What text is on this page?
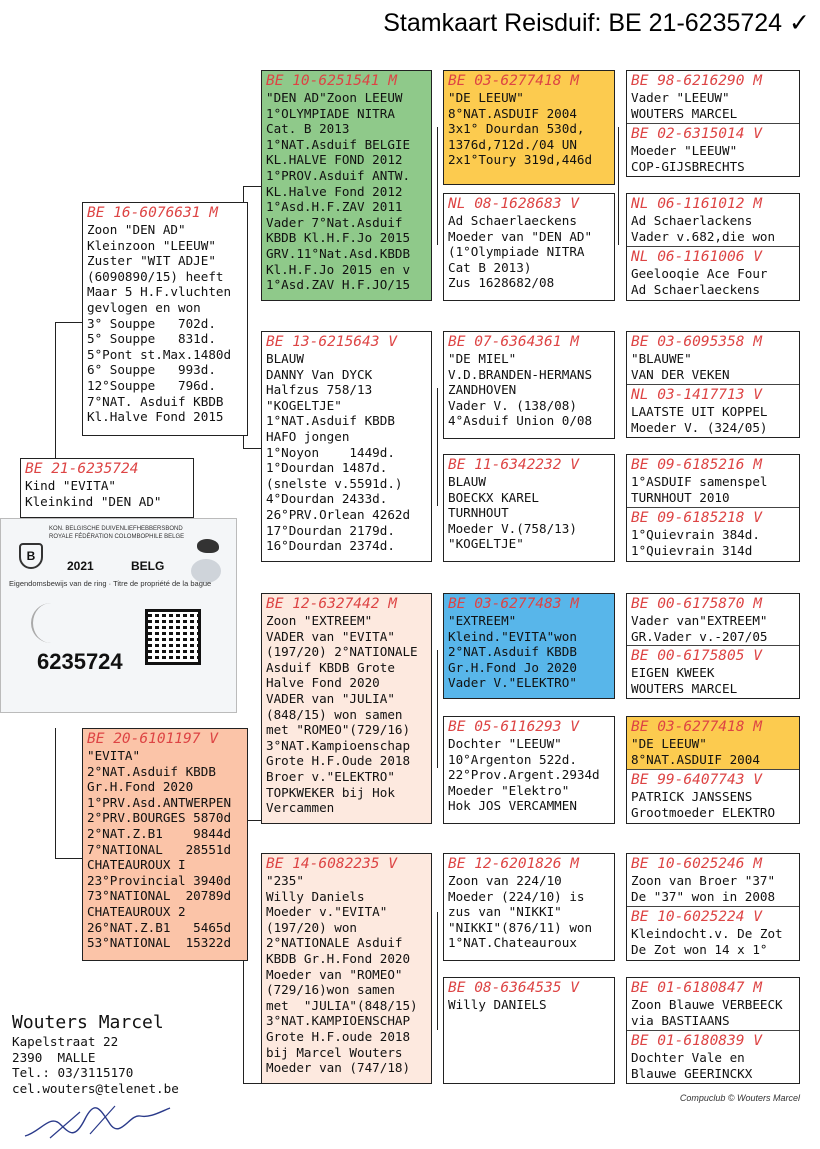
Stamkaart Reisduif: BE 21-6235724 ✓
BE 21-6235724
Kind "EVITA"
Kleinkind "DEN AD"
B
KON. BELGISCHE DUIVENLIEFHEBBERSBOND
ROYALE FÉDÉRATION COLOMBOPHILE BELGE
2021	BELG
Eigendomsbewijs van de ring · Titre de propriété de la bague
6235724
BE 16-6076631 M
Zoon "DEN AD"
Kleinzoon "LEEUW"
Zuster "WIT ADJE"
(6090890/15) heeft
Maar 5 H.F.vluchten
gevlogen en won
3° Souppe   702d.
5° Souppe   831d.
5°Pont st.Max.1480d
6° Souppe   993d.
12°Souppe   796d.
7°NAT. Asduif KBDB
Kl.Halve Fond 2015
BE 20-6101197 V
"EVITA"
2°NAT.Asduif KBDB
Gr.H.Fond 2020
1°PRV.Asd.ANTWERPEN
2°PRV.BOURGES 5870d
2°NAT.Z.B1    9844d
7°NATIONAL   28551d
CHATEAUROUX I
23°Provincial 3940d
73°NATIONAL  20789d
CHATEAUROUX 2
26°NAT.Z.B1   5465d
53°NATIONAL  15322d
BE 10-6251541 M
"DEN AD"Zoon LEEUW
1°OLYMPIADE NITRA
Cat. B 2013
1°NAT.Asduif BELGIE
KL.HALVE FOND 2012
1°PROV.Asduif ANTW.
KL.Halve Fond 2012
1°Asd.H.F.ZAV 2011
Vader 7°Nat.Asduif
KBDB Kl.H.F.Jo 2015
GRV.11°Nat.Asd.KBDB
Kl.H.F.Jo 2015 en v
1°Asd.ZAV H.F.JO/15
BE 13-6215643 V
BLAUW
DANNY Van DYCK
Halfzus 758/13
"KOGELTJE"
1°NAT.Asduif KBDB
HAFO jongen
1°Noyon    1449d.
1°Dourdan 1487d.
(snelste v.5591d.)
4°Dourdan 2433d.
26°PRV.Orlean 4262d
17°Dourdan 2179d.
16°Dourdan 2374d.
BE 12-6327442 M
Zoon "EXTREEM"
VADER van "EVITA"
(197/20) 2°NATIONALE
Asduif KBDB Grote
Halve Fond 2020
VADER van "JULIA"
(848/15) won samen
met "ROMEO"(729/16)
3°NAT.Kampioenschap
Grote H.F.Oude 2018
Broer v."ELEKTRO"
TOPKWEKER bij Hok
Vercammen
BE 14-6082235 V
"235"
Willy Daniels
Moeder v."EVITA"
(197/20) won
2°NATIONALE Asduif
KBDB Gr.H.Fond 2020
Moeder van "ROMEO"
(729/16)won samen
met  "JULIA"(848/15)
3°NAT.KAMPIOENSCHAP
Grote H.F.oude 2018
bij Marcel Wouters
Moeder van (747/18)
BE 03-6277418 M
"DE LEEUW"
8°NAT.ASDUIF 2004
3x1° Dourdan 530d,
1376d,712d./04 UN
2x1°Toury 319d,446d
NL 08-1628683 V
Ad Schaerlaeckens
Moeder van "DEN AD"
(1°Olympiade NITRA
Cat B 2013)
Zus 1628682/08
BE 07-6364361 M
"DE MIEL"
V.D.BRANDEN-HERMANS
ZANDHOVEN
Vader V. (138/08)
4°Asduif Union 0/08
BE 11-6342232 V
BLAUW
BOECKX KAREL
TURNHOUT
Moeder V.(758/13)
"KOGELTJE"
BE 03-6277483 M
"EXTREEM"
Kleind."EVITA"won
2°NAT.Asduif KBDB
Gr.H.Fond Jo 2020
Vader V."ELEKTRO"
BE 05-6116293 V
Dochter "LEEUW"
10°Argenton 522d.
22°Prov.Argent.2934d
Moeder "Elektro"
Hok JOS VERCAMMEN
BE 12-6201826 M
Zoon van 224/10
Moeder (224/10) is
zus van "NIKKI"
"NIKKI"(876/11) won
1°NAT.Chateauroux
BE 08-6364535 V
Willy DANIELS
BE 98-6216290 M
Vader "LEEUW"
WOUTERS MARCEL
BE 02-6315014 V
Moeder "LEEUW"
COP-GIJSBRECHTS
NL 06-1161012 M
Ad Schaerlackens
Vader v.682,die won
NL 06-1161006 V
Geelooqie Ace Four
Ad Schaerlaeckens
BE 03-6095358 M
"BLAUWE"
VAN DER VEKEN
NL 03-1417713 V
LAATSTE UIT KOPPEL
Moeder V. (324/05)
BE 09-6185216 M
1°ASDUIF samenspel
TURNHOUT 2010
BE 09-6185218 V
1°Quievrain 384d.
1°Quievrain 314d
BE 00-6175870 M
Vader van"EXTREEM"
GR.Vader v.-207/05
BE 00-6175805 V
EIGEN KWEEK
WOUTERS MARCEL
BE 03-6277418 M
"DE LEEUW"
8°NAT.ASDUIF 2004
BE 99-6407743 V
PATRICK JANSSENS
Grootmoeder ELEKTRO
BE 10-6025246 M
Zoon van Broer "37"
De "37" won in 2008
BE 10-6025224 V
Kleindocht.v. De Zot
De Zot won 14 x 1°
BE 01-6180847 M
Zoon Blauwe VERBEECK
via BASTIAANS
BE 01-6180839 V
Dochter Vale en
Blauwe GEERINCKX
Wouters Marcel
Kapelstraat 22
2390  MALLE
Tel.: 03/3115170
cel.wouters@telenet.be
Compuclub © Wouters Marcel
